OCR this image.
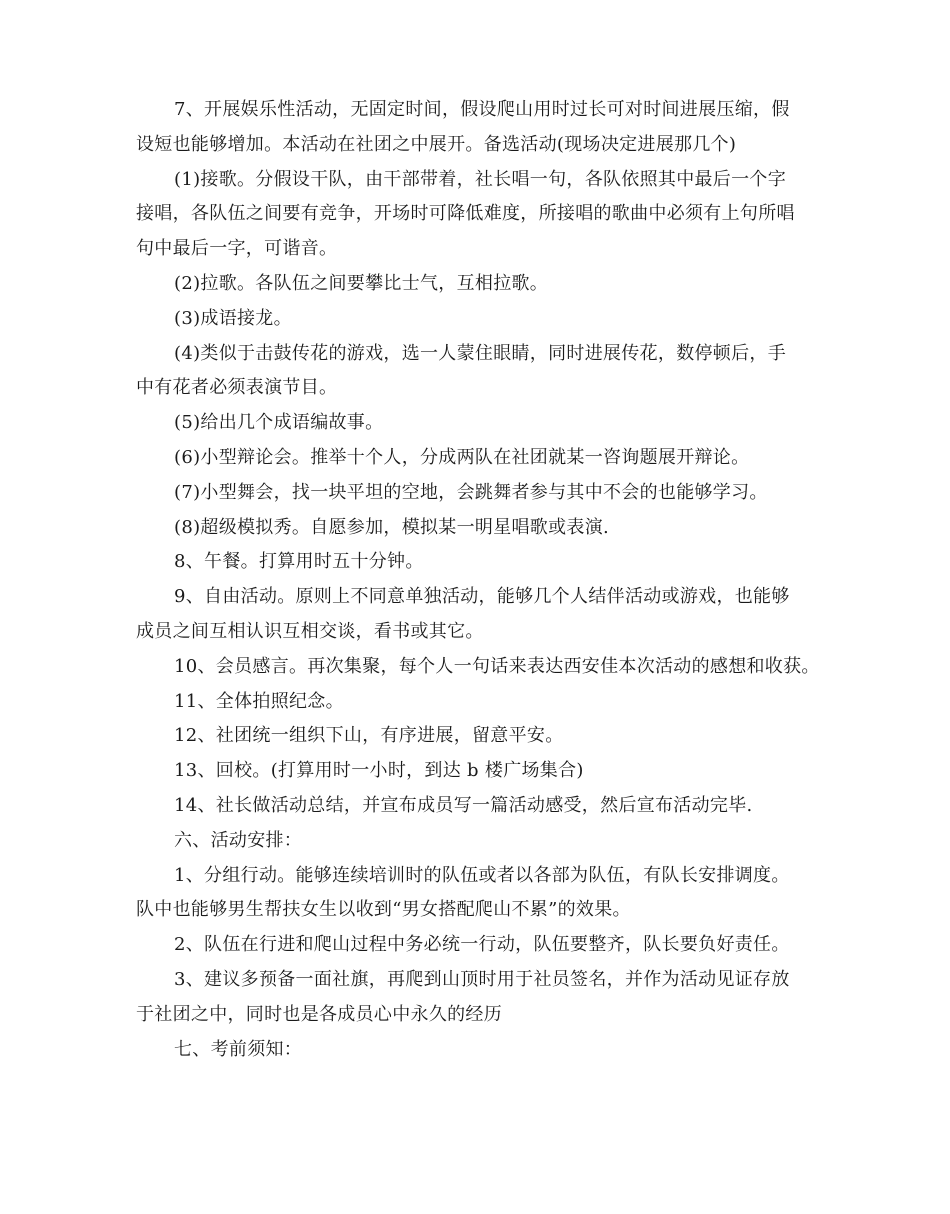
7、开展娱乐性活动，无固定时间，假设爬山用时过长可对时间进展压缩，假
设短也能够增加。本活动在社团之中展开。备选活动(现场决定进展那几个)

(1)接歌。分假设干队，由干部带着，社长唱一句，各队依照其中最后一个字
接唱，各队伍之间要有竞争，开场时可降低难度，所接唱的歌曲中必须有上句所唱
句中最后一字，可谐音。

(2)拉歌。各队伍之间要攀比士气，互相拉歌。

(3)成语接龙。

(4)类似于击鼓传花的游戏，选一人蒙住眼睛，同时进展传花，数停顿后，手
中有花者必须表演节目。

(5)给出几个成语编故事。

(6)小型辩论会。推举十个人，分成两队在社团就某一咨询题展开辩论。

(7)小型舞会，找一块平坦的空地，会跳舞者参与其中不会的也能够学习。

(8)超级模拟秀。自愿参加，模拟某一明星唱歌或表演.

8、午餐。打算用时五十分钟。

9、自由活动。原则上不同意单独活动，能够几个人结伴活动或游戏，也能够
成员之间互相认识互相交谈，看书或其它。

10、会员感言。再次集聚，每个人一句话来表达西安佳本次活动的感想和收获。

11、全体拍照纪念。

12、社团统一组织下山，有序进展，留意平安。

13、回校。(打算用时一小时，到达 b 楼广场集合)

14、社长做活动总结，并宣布成员写一篇活动感受，然后宣布活动完毕.

六、活动安排：

1、分组行动。能够连续培训时的队伍或者以各部为队伍，有队长安排调度。
队中也能够男生帮扶女生以收到“男女搭配爬山不累”的效果。

2、队伍在行进和爬山过程中务必统一行动，队伍要整齐，队长要负好责任。

3、建议多预备一面社旗，再爬到山顶时用于社员签名，并作为活动见证存放
于社团之中，同时也是各成员心中永久的经历

七、考前须知：
